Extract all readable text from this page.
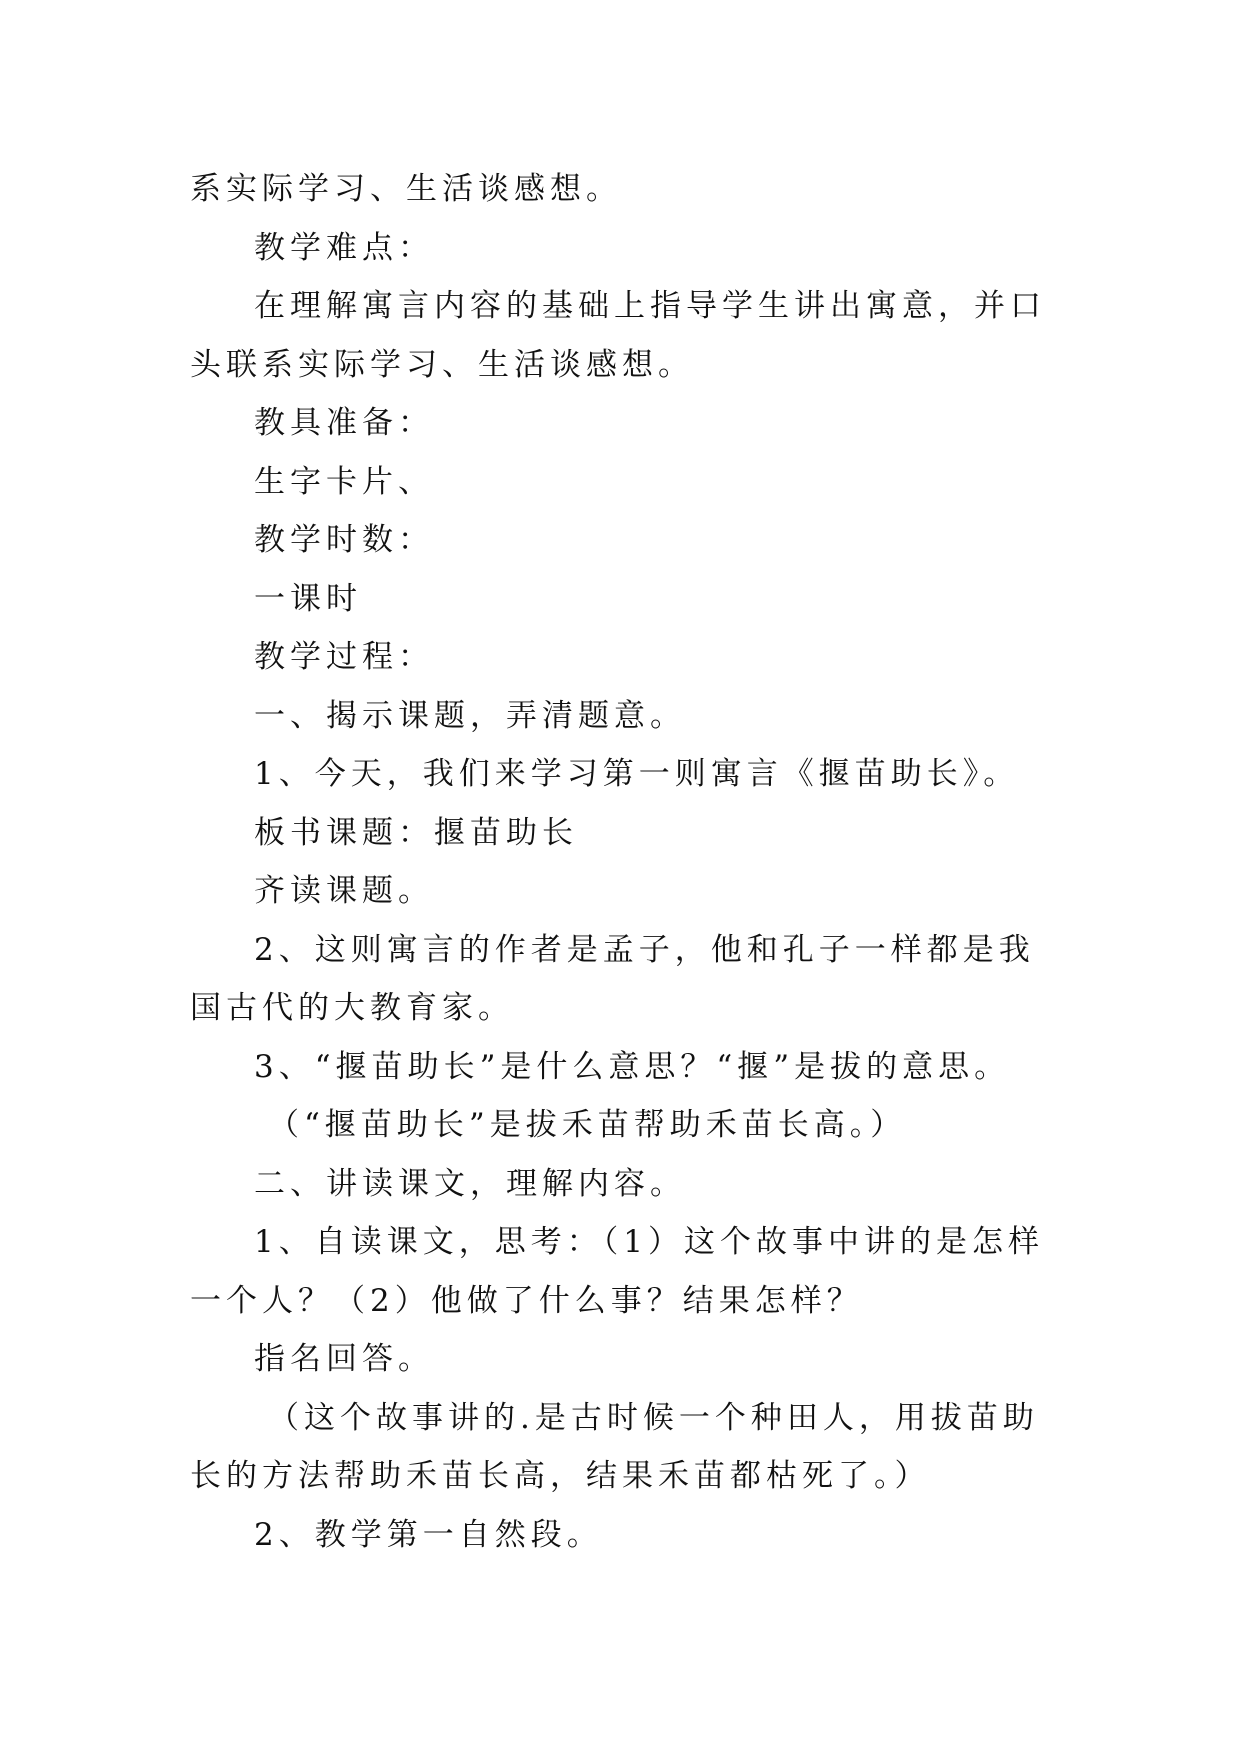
系实际学习、生活谈感想。

教学难点：

在理解寓言内容的基础上指导学生讲出寓意，并口头联系实际学习、生活谈感想。

教具准备：

生字卡片、

教学时数：

一课时

教学过程：

一、揭示课题，弄清题意。

1、今天，我们来学习第一则寓言《揠苗助长》。

板书课题：揠苗助长

齐读课题。

2、这则寓言的作者是孟子，他和孔子一样都是我国古代的大教育家。

3、“揠苗助长”是什么意思？“揠”是拔的意思。

（“揠苗助长”是拔禾苗帮助禾苗长高。）

二、讲读课文，理解内容。

1、自读课文，思考：（1）这个故事中讲的是怎样一个人？（2）他做了什么事？结果怎样？

指名回答。

（这个故事讲的.是古时候一个种田人，用拔苗助长的方法帮助禾苗长高，结果禾苗都枯死了。）

2、教学第一自然段。
